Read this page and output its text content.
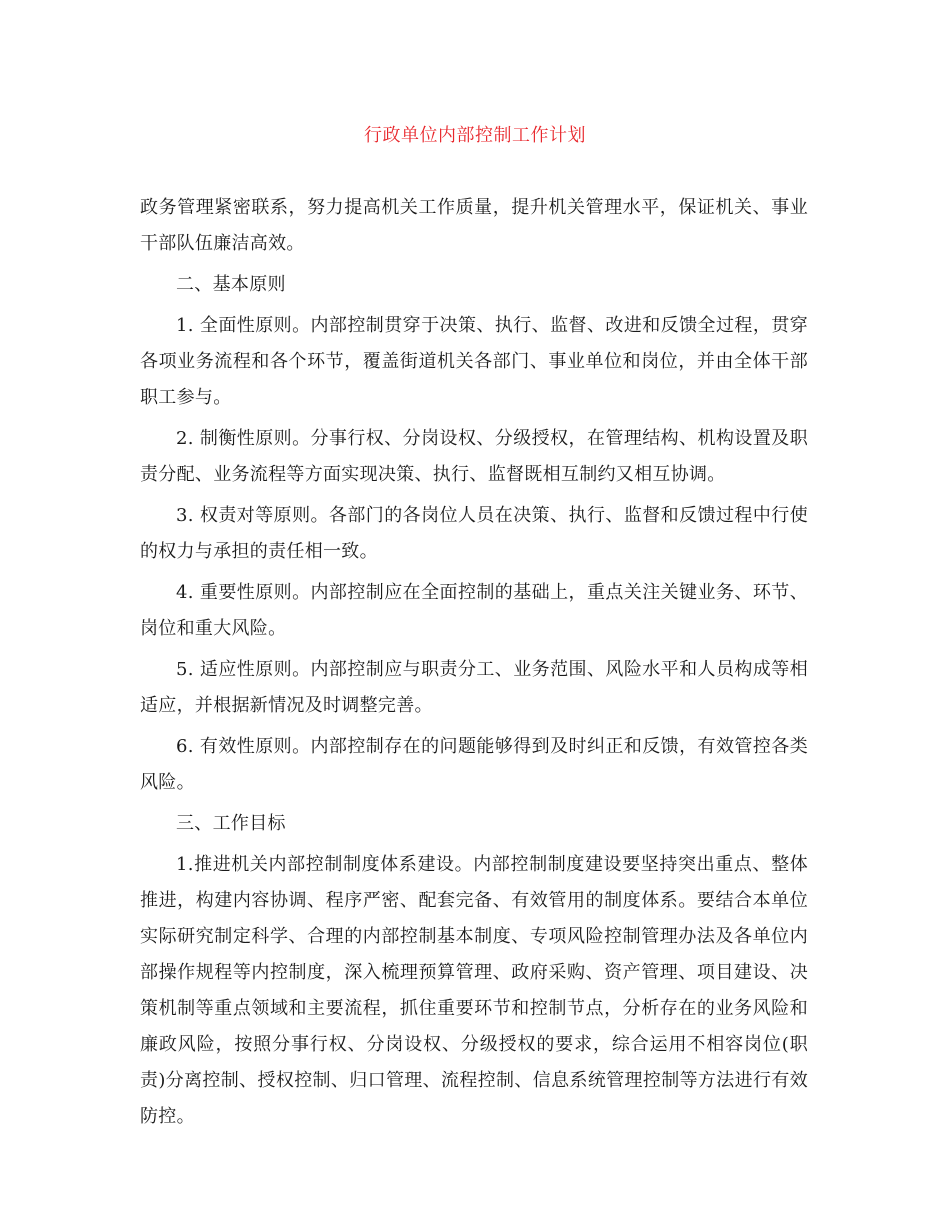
行政单位内部控制工作计划

政务管理紧密联系，努力提高机关工作质量，提升机关管理水平，保证机关、事业干部队伍廉洁高效。

二、基本原则

1. 全面性原则。内部控制贯穿于决策、执行、监督、改进和反馈全过程，贯穿各项业务流程和各个环节，覆盖街道机关各部门、事业单位和岗位，并由全体干部职工参与。

2. 制衡性原则。分事行权、分岗设权、分级授权，在管理结构、机构设置及职责分配、业务流程等方面实现决策、执行、监督既相互制约又相互协调。

3. 权责对等原则。各部门的各岗位人员在决策、执行、监督和反馈过程中行使的权力与承担的责任相一致。

4. 重要性原则。内部控制应在全面控制的基础上，重点关注关键业务、环节、岗位和重大风险。

5. 适应性原则。内部控制应与职责分工、业务范围、风险水平和人员构成等相适应，并根据新情况及时调整完善。

6. 有效性原则。内部控制存在的问题能够得到及时纠正和反馈，有效管控各类风险。

三、工作目标

1.推进机关内部控制制度体系建设。内部控制制度建设要坚持突出重点、整体推进，构建内容协调、程序严密、配套完备、有效管用的制度体系。要结合本单位实际研究制定科学、合理的内部控制基本制度、专项风险控制管理办法及各单位内部操作规程等内控制度，深入梳理预算管理、政府采购、资产管理、项目建设、决策机制等重点领域和主要流程，抓住重要环节和控制节点，分析存在的业务风险和廉政风险，按照分事行权、分岗设权、分级授权的要求，综合运用不相容岗位(职责)分离控制、授权控制、归口管理、流程控制、信息系统管理控制等方法进行有效防控。
